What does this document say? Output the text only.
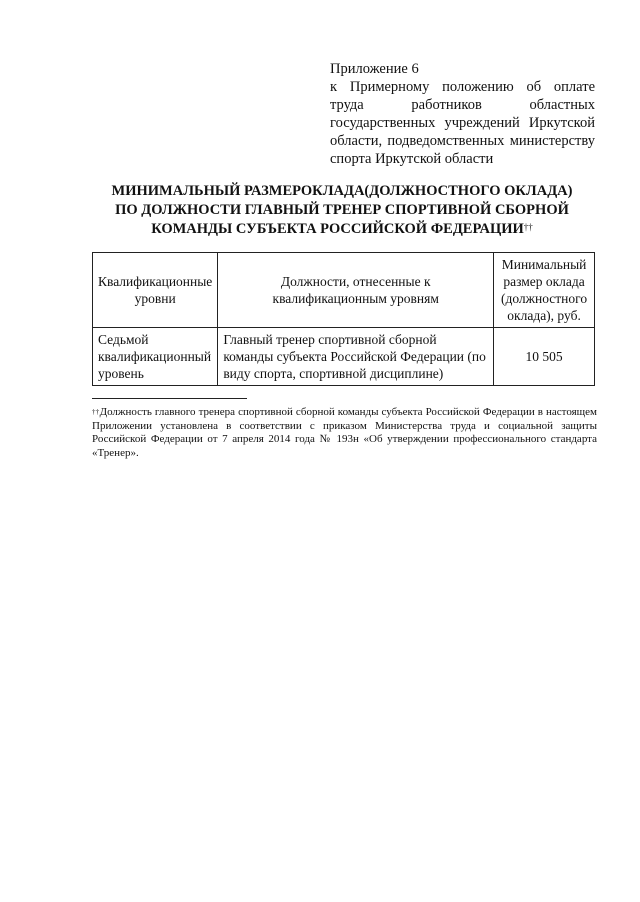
Приложение 6
к Примерному положению об оплате труда работников областных государственных учреждений Иркутской области, подведомственных министерству спорта Иркутской области
МИНИМАЛЬНЫЙ РАЗМЕРОКЛАДА(ДОЛЖНОСТНОГО ОКЛАДА)
ПО ДОЛЖНОСТИ ГЛАВНЫЙ ТРЕНЕР СПОРТИВНОЙ СБОРНОЙ
КОМАНДЫ СУБЪЕКТА РОССИЙСКОЙ ФЕДЕРАЦИИ††
Квалификационные уровни	Должности, отнесенные к квалификационным уровням	Минимальный размер оклада (должностного оклада), руб.
Седьмой квалификационный уровень	Главный тренер спортивной сборной команды субъекта Российской Федерации (по виду спорта, спортивной дисциплине)	10 505
††Должность главного тренера спортивной сборной команды субъекта Российской Федерации в настоящем Приложении установлена в соответствии с приказом Министерства труда и социальной защиты Российской Федерации от 7 апреля 2014 года № 193н «Об утверждении профессионального стандарта «Тренер».
